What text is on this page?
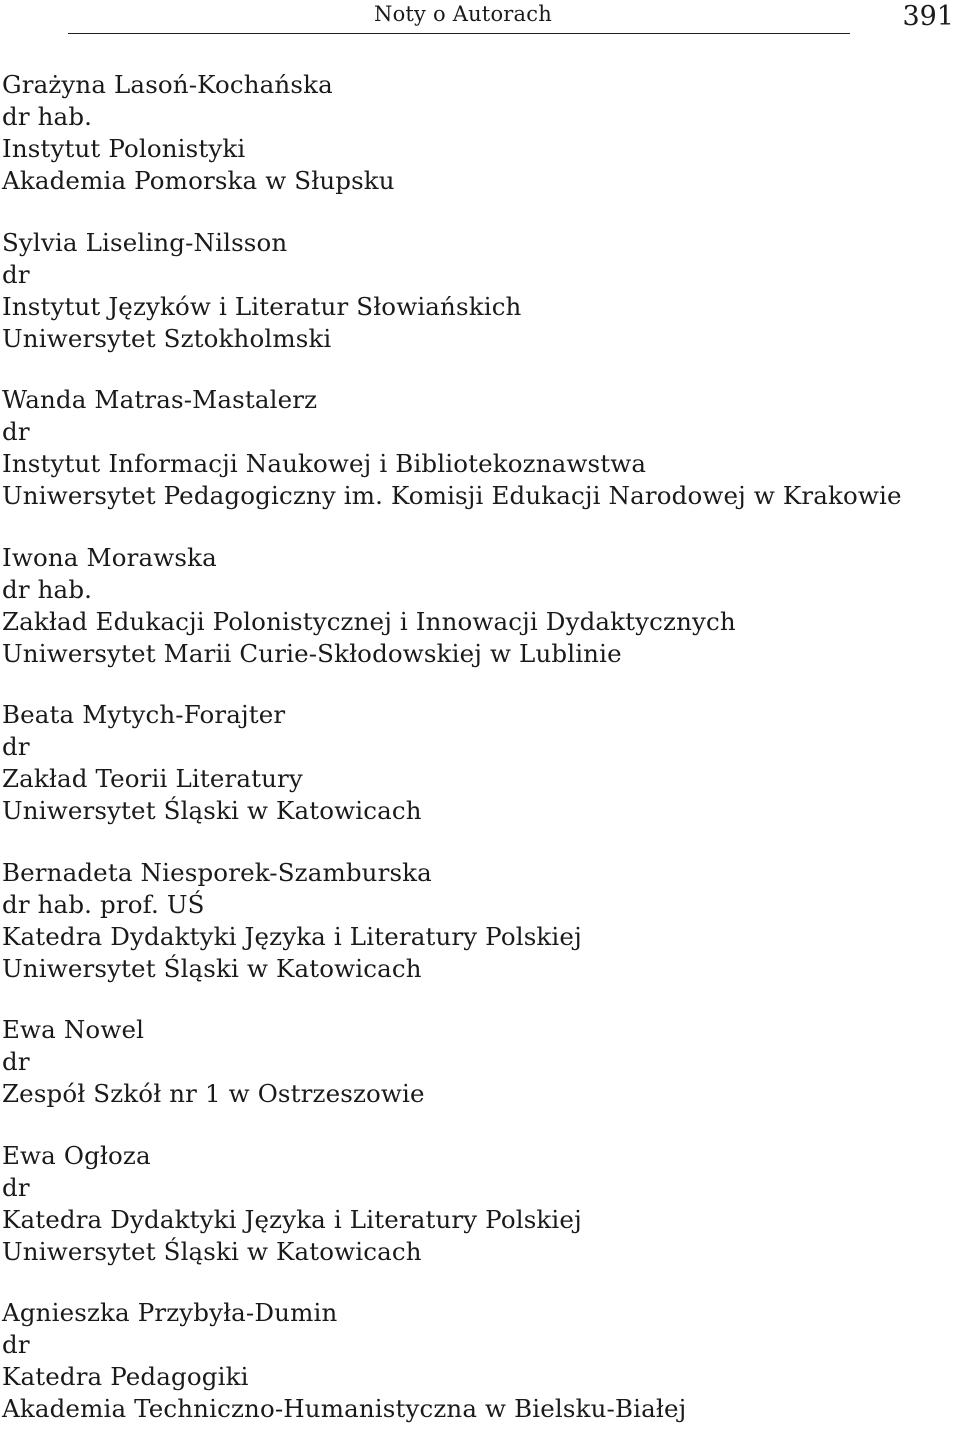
Noty o Autorach	391
Grażyna Lasoń-Kochańska
dr hab.
Instytut Polonistyki
Akademia Pomorska w Słupsku
Sylvia Liseling-Nilsson
dr
Instytut Języków i Literatur Słowiańskich
Uniwersytet Sztokholmski
Wanda Matras-Mastalerz
dr
Instytut Informacji Naukowej i Bibliotekoznawstwa
Uniwersytet Pedagogiczny im. Komisji Edukacji Narodowej w Krakowie
Iwona Morawska
dr hab.
Zakład Edukacji Polonistycznej i Innowacji Dydaktycznych
Uniwersytet Marii Curie-Skłodowskiej w Lublinie
Beata Mytych-Forajter
dr
Zakład Teorii Literatury
Uniwersytet Śląski w Katowicach
Bernadeta Niesporek-Szamburska
dr hab. prof. UŚ
Katedra Dydaktyki Języka i Literatury Polskiej
Uniwersytet Śląski w Katowicach
Ewa Nowel
dr
Zespół Szkół nr 1 w Ostrzeszowie
Ewa Ogłoza
dr
Katedra Dydaktyki Języka i Literatury Polskiej
Uniwersytet Śląski w Katowicach
Agnieszka Przybyła-Dumin
dr
Katedra Pedagogiki
Akademia Techniczno-Humanistyczna w Bielsku-Białej
